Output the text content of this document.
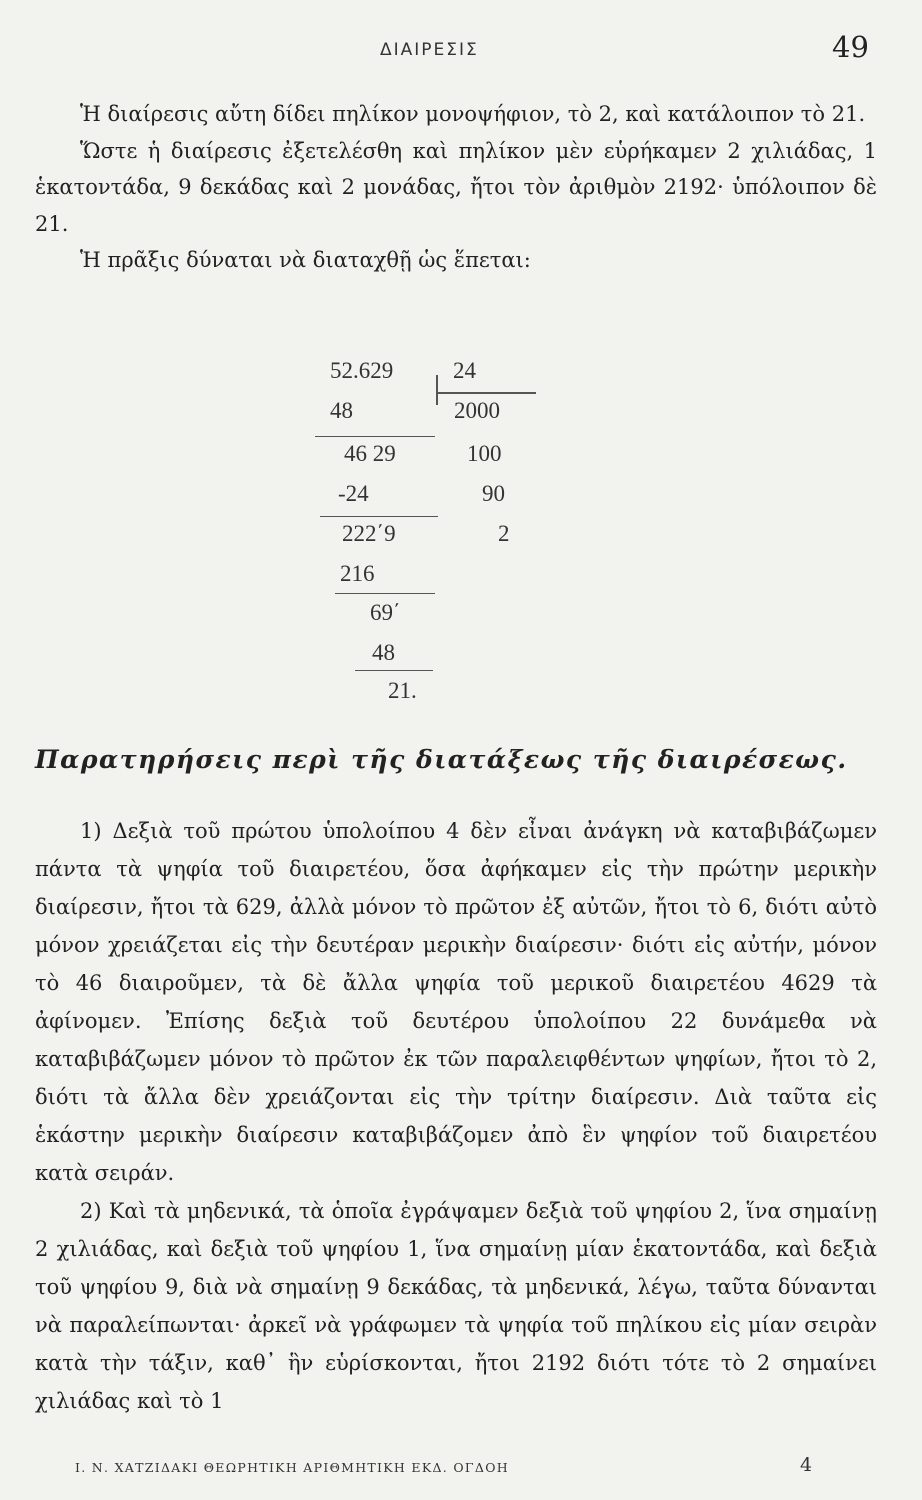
ΔΙΑΙΡΕΣΙΣ	49

Ἡ διαίρεσις αὔτη δίδει πηλίκον μονοψήφιον, τὸ 2, καὶ κατάλοιπον τὸ 21.

Ὥστε ἡ διαίρεσις ἐξετελέσθη καὶ πηλίκον μὲν εὑρήκαμεν 2 χιλιάδας, 1 ἑκατοντάδα, 9 δεκάδας καὶ 2 μονάδας, ἤτοι τὸν ἀριθμὸν 2192· ὑπόλοιπον δὲ 21.

Ἡ πρᾶξις δύναται νὰ διαταχθῇ ὡς ἕπεται:

52.629	24
48	2000
46 29	100
-24	90
222΄9	2
216
69΄
48
21.
Παρατηρήσεις περὶ τῆς διατάξεως τῆς διαιρέσεως.

1) Δεξιὰ τοῦ πρώτου ὑπολοίπου 4 δὲν εἶναι ἀνάγκη νὰ καταβιβάζωμεν πάντα τὰ ψηφία τοῦ διαιρετέου, ὅσα ἀφήκαμεν εἰς τὴν πρώτην μερικὴν διαίρεσιν, ἤτοι τὰ 629, ἀλλὰ μόνον τὸ πρῶτον ἐξ αὐτῶν, ἤτοι τὸ 6, διότι αὐτὸ μόνον χρειάζεται εἰς τὴν δευτέραν μερικὴν διαίρεσιν· διότι εἰς αὐτήν, μόνον τὸ 46 διαιροῦμεν, τὰ δὲ ἄλλα ψηφία τοῦ μερικοῦ διαιρετέου 4629 τὰ ἀφίνομεν. Ἐπίσης δεξιὰ τοῦ δευτέρου ὑπολοίπου 22 δυνάμεθα νὰ καταβιβάζωμεν μόνον τὸ πρῶτον ἐκ τῶν παραλειφθέντων ψηφίων, ἤτοι τὸ 2, διότι τὰ ἄλλα δὲν χρειάζονται εἰς τὴν τρίτην διαίρεσιν. Διὰ ταῦτα εἰς ἑκάστην μερικὴν διαίρεσιν καταβιβάζομεν ἀπὸ ἓν ψηφίον τοῦ διαιρετέου κατὰ σειράν.

2) Καὶ τὰ μηδενικά, τὰ ὁποῖα ἐγράψαμεν δεξιὰ τοῦ ψηφίου 2, ἵνα σημαίνῃ 2 χιλιάδας, καὶ δεξιὰ τοῦ ψηφίου 1, ἵνα σημαίνῃ μίαν ἑκατοντάδα, καὶ δεξιὰ τοῦ ψηφίου 9, διὰ νὰ σημαίνῃ 9 δεκάδας, τὰ μηδενικά, λέγω, ταῦτα δύνανται νὰ παραλείπωνται· ἀρκεῖ νὰ γράφωμεν τὰ ψηφία τοῦ πηλίκου εἰς μίαν σειρὰν κατὰ τὴν τάξιν, καθ᾽ ἣν εὑρίσκονται, ἤτοι 2192 διότι τότε τὸ 2 σημαίνει χιλιάδας καὶ τὸ 1

Ι. Ν. ΧΑΤΖΙΔΑΚΙ ΘΕΩΡΗΤΙΚΗ ΑΡΙΘΜΗΤΙΚΗ ΕΚΔ. ΟΓΔΟΗ	4
